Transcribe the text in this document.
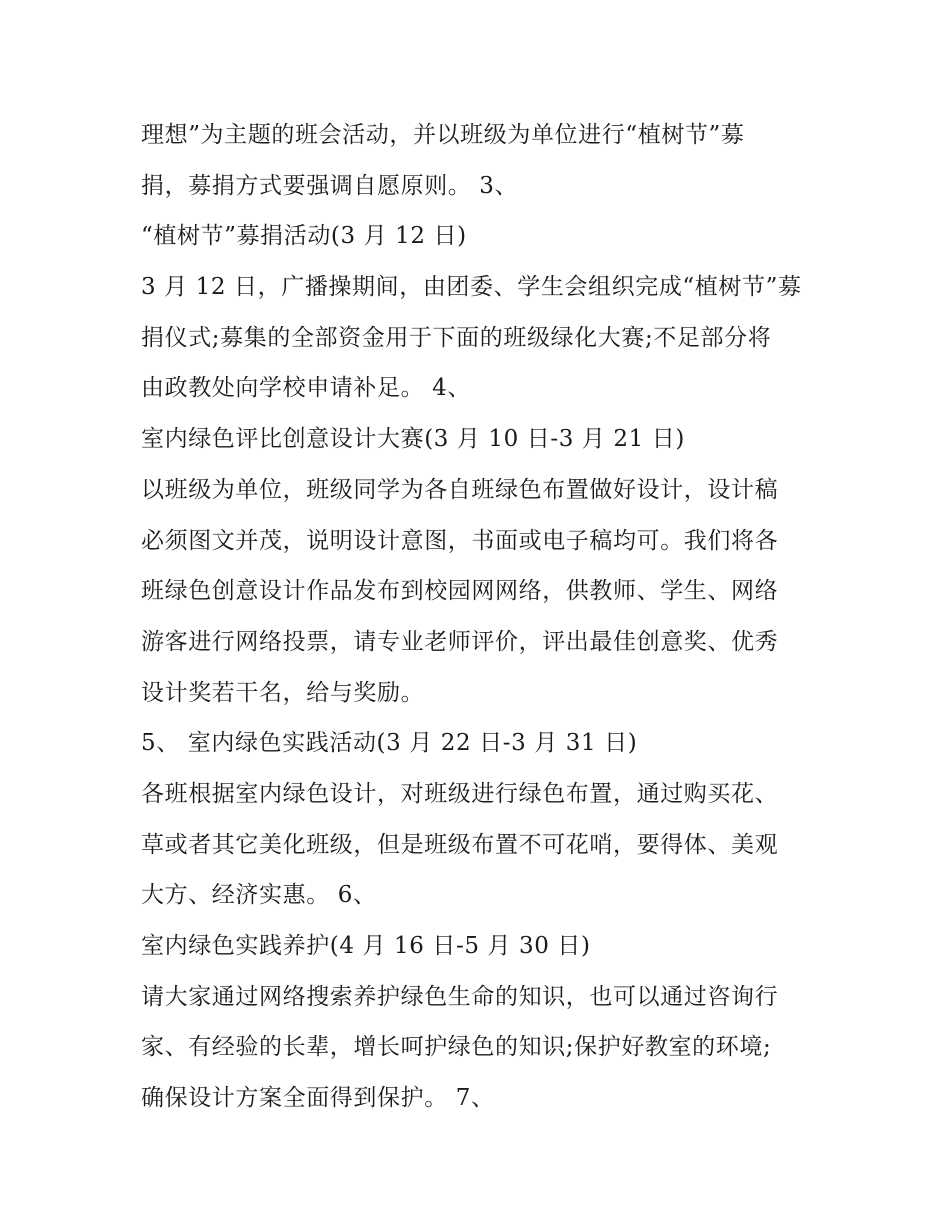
理想”为主题的班会活动，并以班级为单位进行“植树节”募
捐，募捐方式要强调自愿原则。 3、
“植树节”募捐活动(3 月 12 日)
3 月 12 日，广播操期间，由团委、学生会组织完成“植树节”募
捐仪式;募集的全部资金用于下面的班级绿化大赛;不足部分将
由政教处向学校申请补足。 4、
室内绿色评比创意设计大赛(3 月 10 日-3 月 21 日)
以班级为单位，班级同学为各自班绿色布置做好设计，设计稿
必须图文并茂，说明设计意图，书面或电子稿均可。我们将各
班绿色创意设计作品发布到校园网网络，供教师、学生、网络
游客进行网络投票，请专业老师评价，评出最佳创意奖、优秀
设计奖若干名，给与奖励。
5、 室内绿色实践活动(3 月 22 日-3 月 31 日)
各班根据室内绿色设计，对班级进行绿色布置，通过购买花、
草或者其它美化班级，但是班级布置不可花哨，要得体、美观
大方、经济实惠。 6、
室内绿色实践养护(4 月 16 日-5 月 30 日)
请大家通过网络搜索养护绿色生命的知识，也可以通过咨询行
家、有经验的长辈，增长呵护绿色的知识;保护好教室的环境;
确保设计方案全面得到保护。 7、
